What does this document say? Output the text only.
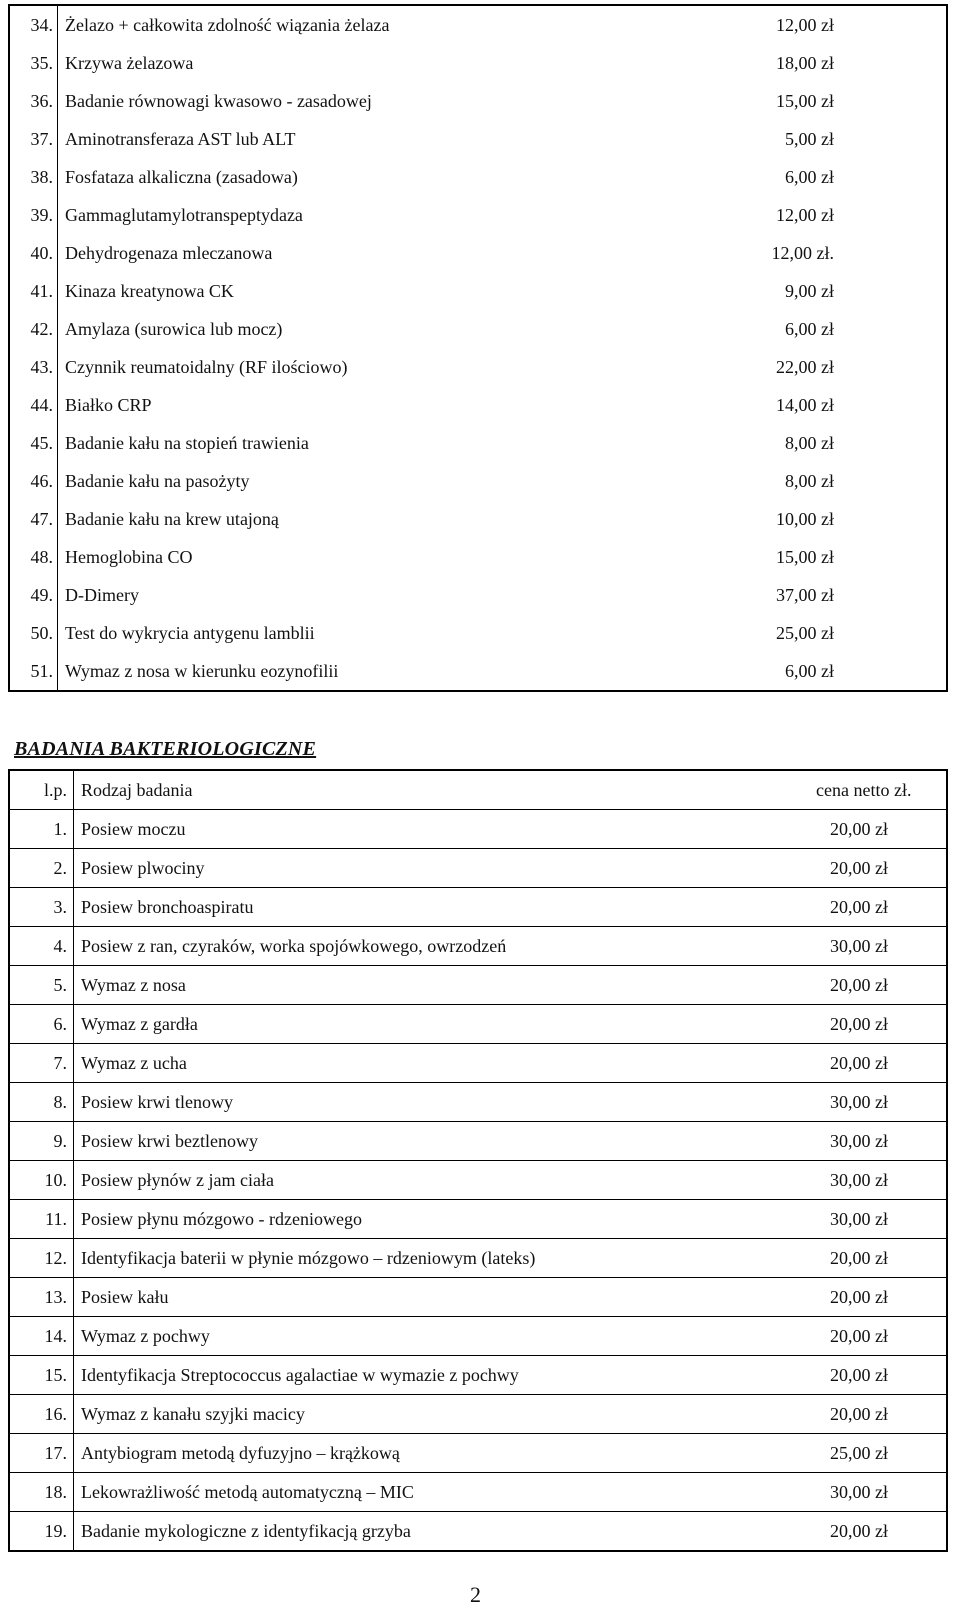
34.	Żelazo + całkowita zdolność wiązania żelaza	12,00 zł
35.	Krzywa żelazowa	18,00 zł
36.	Badanie równowagi kwasowo - zasadowej	15,00 zł
37.	Aminotransferaza AST lub ALT	5,00 zł
38.	Fosfataza alkaliczna (zasadowa)	6,00 zł
39.	Gammaglutamylotranspeptydaza	12,00 zł
40.	Dehydrogenaza mleczanowa	12,00 zł.
41.	Kinaza kreatynowa CK	9,00 zł
42.	Amylaza (surowica lub mocz)	6,00 zł
43.	Czynnik reumatoidalny (RF ilościowo)	22,00 zł
44.	Białko CRP	14,00 zł
45.	Badanie kału na stopień trawienia	8,00 zł
46.	Badanie kału na pasożyty	8,00 zł
47.	Badanie kału na krew utajoną	10,00 zł
48.	Hemoglobina CO	15,00 zł
49.	D-Dimery	37,00 zł
50.	Test do wykrycia antygenu lamblii	25,00 zł
51.	Wymaz z nosa w kierunku eozynofilii	6,00 zł
BADANIA BAKTERIOLOGICZNE
l.p.	Rodzaj badania	cena netto zł.
1.	Posiew moczu	20,00 zł
2.	Posiew plwociny	20,00 zł
3.	Posiew bronchoaspiratu	20,00 zł
4.	Posiew z ran, czyraków, worka spojówkowego, owrzodzeń	30,00 zł
5.	Wymaz z nosa	20,00 zł
6.	Wymaz z gardła	20,00 zł
7.	Wymaz z ucha	20,00 zł
8.	Posiew krwi tlenowy	30,00 zł
9.	Posiew krwi beztlenowy	30,00 zł
10.	Posiew płynów z jam ciała	30,00 zł
11.	Posiew płynu mózgowo - rdzeniowego	30,00 zł
12.	Identyfikacja baterii w płynie mózgowo – rdzeniowym (lateks)	20,00 zł
13.	Posiew kału	20,00 zł
14.	Wymaz z pochwy	20,00 zł
15.	Identyfikacja Streptococcus agalactiae w wymazie z pochwy	20,00 zł
16.	Wymaz z kanału szyjki macicy	20,00 zł
17.	Antybiogram metodą dyfuzyjno – krążkową	25,00 zł
18.	Lekowrażliwość metodą automatyczną – MIC	30,00 zł
19.	Badanie mykologiczne z identyfikacją grzyba	20,00 zł
2
